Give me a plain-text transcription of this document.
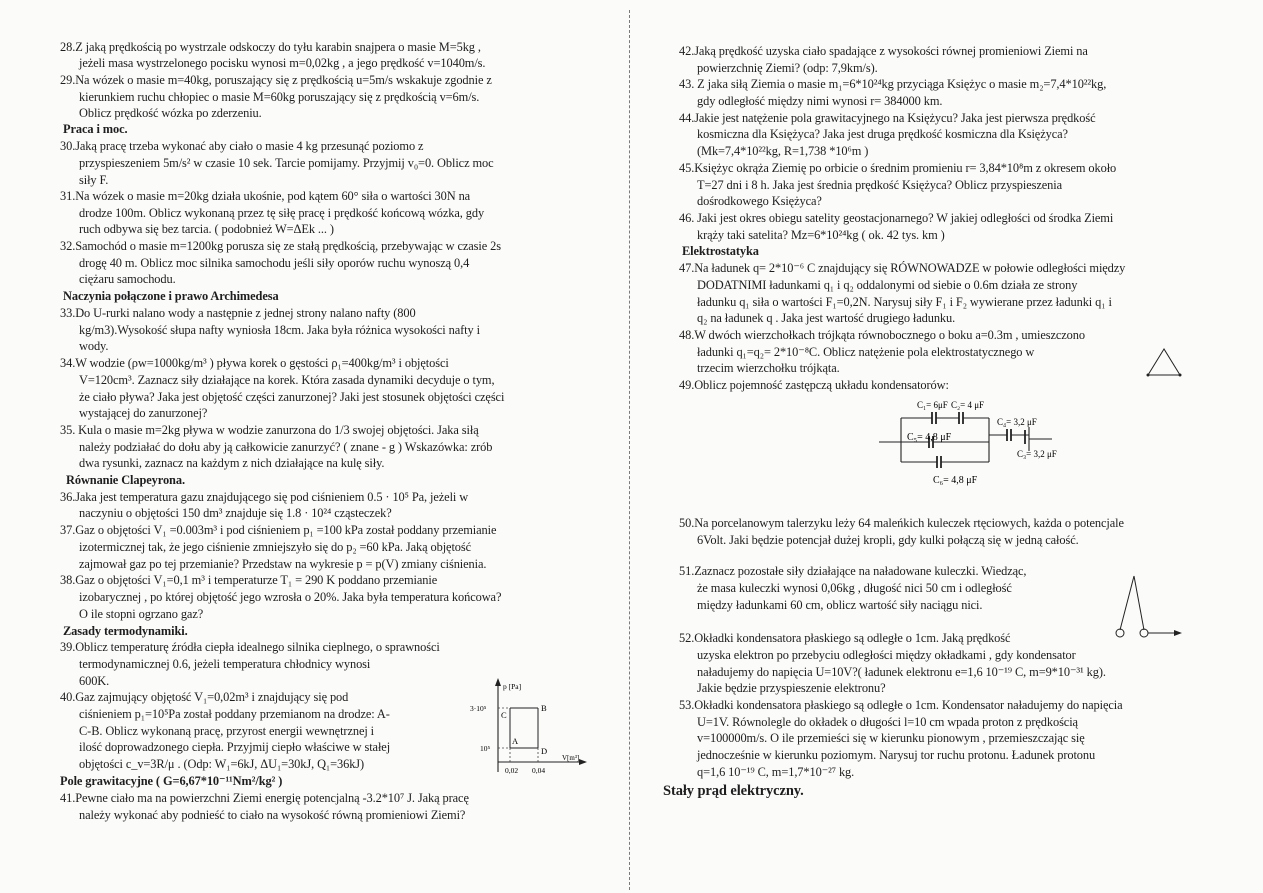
28.Z jaką prędkością po wystrzale odskoczy do tyłu karabin snajpera o masie M=5kg ,
jeżeli masa wystrzelonego pocisku wynosi m=0,02kg , a jego prędkość v=1040m/s.
29.Na wózek o masie m=40kg, poruszający się z prędkością u=5m/s wskakuje zgodnie z
kierunkiem ruchu chłopiec o masie M=60kg poruszający się z prędkością v=6m/s.
Oblicz prędkość wózka po zderzeniu.
Praca i moc.
30.Jaką pracę trzeba wykonać aby ciało o masie 4 kg przesunąć poziomo z
przyspieszeniem 5m/s² w czasie 10 sek. Tarcie pomijamy. Przyjmij v₀=0. Oblicz moc
siły F.
31.Na wózek o masie m=20kg działa ukośnie, pod kątem 60° siła o wartości 30N na
drodze 100m. Oblicz wykonaną przez tę siłę pracę i prędkość końcową wózka, gdy
ruch odbywa się bez tarcia. ( podobnież W=ΔEk ... )
32.Samochód o masie m=1200kg porusza się ze stałą prędkością, przebywając w czasie 2s
drogę 40 m. Oblicz moc silnika samochodu jeśli siły oporów ruchu wynoszą 0,4
ciężaru samochodu.
Naczynia połączone i prawo Archimedesa
33.Do U-rurki nalano wody a następnie z jednej strony nalano nafty (800
kg/m3).Wysokość słupa nafty wyniosła 18cm. Jaka była różnica wysokości nafty i
wody.
34.W wodzie (ρw=1000kg/m³ ) pływa korek o gęstości ρ₁=400kg/m³ i objętości
V=120cm³. Zaznacz siły działające na korek. Która zasada dynamiki decyduje o tym,
że ciało pływa? Jaka jest objętość części zanurzonej? Jaki jest stosunek objętości części
wystającej do zanurzonej?
35. Kula o masie m=2kg pływa w wodzie zanurzona do 1/3 swojej objętości. Jaka siłą
należy podziałać do dołu aby ją całkowicie zanurzyć? ( znane - g ) Wskazówka: zrób
dwa rysunki, zaznacz na każdym z nich działające na kulę siły.
Równanie Clapeyrona.
36.Jaka jest temperatura gazu znajdującego się pod ciśnieniem 0.5 · 10⁵ Pa, jeżeli w
naczyniu o objętości 150 dm³ znajduje się 1.8 · 10²⁴ cząsteczek?
37.Gaz o objętości V₁ =0.003m³ i pod ciśnieniem p₁ =100 kPa został poddany przemianie
izotermicznej tak, że jego ciśnienie zmniejszyło się do p₂ =60 kPa. Jaką objętość
zajmował gaz po tej przemianie? Przedstaw na wykresie p = p(V) zmiany ciśnienia.
38.Gaz o objętości V₁=0,1 m³ i temperaturze T₁ = 290 K poddano przemianie
izobarycznej , po której objętość jego wzrosła o 20%. Jaka była temperatura końcowa?
O ile stopni ogrzano gaz?
Zasady termodynamiki.
39.Oblicz temperaturę źródła ciepła idealnego silnika cieplnego, o sprawności
termodynamicznej 0.6, jeżeli temperatura chłodnicy wynosi
600K.
40.Gaz zajmujący objętość V₁=0,02m³ i znajdujący się pod
ciśnieniem p₁=10⁵Pa został poddany przemianom na drodze: A-
C-B. Oblicz wykonaną pracę, przyrost energii wewnętrznej i
ilość doprowadzonego ciepła. Przyjmij ciepło właściwe w stałej
objętości c_v=3R/μ . (Odp: W₁=6kJ, ΔU₁=30kJ, Q₁=36kJ)
Pole grawitacyjne ( G=6,67*10⁻¹¹Nm²/kg² )
41.Pewne ciało ma na powierzchni Ziemi energię potencjalną -3.2*10⁷ J. Jaką pracę
należy wykonać aby podnieść to ciało na wysokość równą promieniowi Ziemi?
p [Pa]
3·10⁵
10⁵
0,02 0,04
V[m³]
A
B
C
D
42.Jaką prędkość uzyska ciało spadające z wysokości równej promieniowi Ziemi na
powierzchnię Ziemi? (odp: 7,9km/s).
43. Z jaka siłą Ziemia o masie m₁=6*10²⁴kg przyciąga Księżyc o masie m₂=7,4*10²²kg,
gdy odległość między nimi wynosi r= 384000 km.
44.Jakie jest natężenie pola grawitacyjnego na Księżycu? Jaka jest pierwsza prędkość
kosmiczna dla Księżyca? Jaka jest druga prędkość kosmiczna dla Księżyca?
(Mk=7,4*10²²kg, R=1,738 *10⁶m )
45.Księżyc okrąża Ziemię po orbicie o średnim promieniu r= 3,84*10⁸m z okresem około
T=27 dni i 8 h. Jaka jest średnia prędkość Księżyca? Oblicz przyspieszenia
dośrodkowego Księżyca?
46. Jaki jest okres obiegu satelity geostacjonarnego? W jakiej odległości od środka Ziemi
krąży taki satelita? Mz=6*10²⁴kg ( ok. 42 tys. km )
Elektrostatyka
47.Na ładunek q= 2*10⁻⁶ C znajdujący się RÓWNOWADZE w połowie odległości między
DODATNIMI ładunkami q₁ i q₂ oddalonymi od siebie o 0.6m działa ze strony
ładunku q₁ siła o wartości F₁=0,2N. Narysuj siły F₁ i F₂ wywierane przez ładunki q₁ i
q₂ na ładunek q . Jaka jest wartość drugiego ładunku.
48.W dwóch wierzchołkach trójkąta równobocznego o boku a=0.3m , umieszczono
ładunki q₁=q₂= 2*10⁻⁸C. Oblicz natężenie pola elektrostatycznego w
trzecim wierzchołku trójkąta.
49.Oblicz pojemność zastępczą układu kondensatorów:
C₁= 6μF C₂= 4 μF
C₄= 3,2 μF
C₅= 4,8 μF
C₃= 3,2 μF
C₆= 4,8 μF
50.Na porcelanowym talerzyku leży 64 maleńkich kuleczek rtęciowych, każda o potencjale
6Volt. Jaki będzie potencjał dużej kropli, gdy kulki połączą się w jedną całość.
51.Zaznacz pozostałe siły działające na naładowane kuleczki. Wiedząc,
że masa kuleczki wynosi 0,06kg , długość nici 50 cm i odległość
między ładunkami 60 cm, oblicz wartość siły naciągu nici.
52.Okładki kondensatora płaskiego są odległe o 1cm. Jaką prędkość
uzyska elektron po przebyciu odległości między okładkami , gdy kondensator
naładujemy do napięcia U=10V?( ładunek elektronu e=1,6 10⁻¹⁹ C, m=9*10⁻³¹ kg).
Jakie będzie przyspieszenie elektronu?
53.Okładki kondensatora płaskiego są odległe o 1cm. Kondensator naładujemy do napięcia
U=1V. Równolegle do okładek o długości l=10 cm wpada proton z prędkością
v=100000m/s. O ile przemieści się w kierunku pionowym , przemieszczając się
jednocześnie w kierunku poziomym. Narysuj tor ruchu protonu. Ładunek protonu
q=1,6 10⁻¹⁹ C, m=1,7*10⁻²⁷ kg.
Stały prąd elektryczny.
